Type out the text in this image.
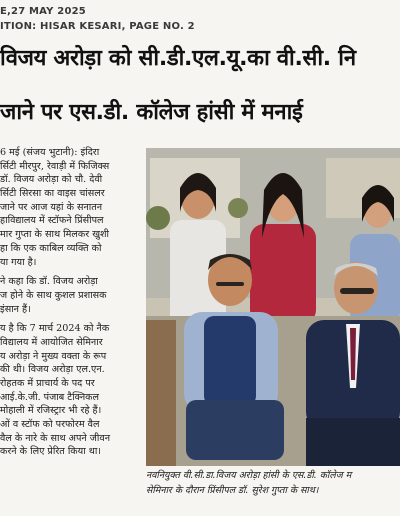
E,27 MAY 2025
ITION: HISAR KESARI, PAGE NO. 2
विजय अरोड़ा को सी.डी.एल.यू.का वी.सी. नि
जाने पर एस.डी. कॉलेज हांसी में मनाई
6 मई (संजय भुटानी): इंदिरा
र्सिटी मीरपुर, रेवाड़ी में फिजिक्स
डॉ. विजय अरोड़ा को चौ. देवी
र्सिटी सिरसा का वाइस चांसलर
जाने पर आज यहां के सनातन
हाविद्यालय में स्टॉफने प्रिंसीपल
मार गुप्ता के साथ मिलकर खुशी
हा कि एक काबिल व्यक्ति को
या गया है।
ने कहा कि डॉ. विजय अरोड़ा
ज होने के साथ कुशल प्रशासक
इंसान हैं।
य है कि 7 मार्च 2024 को नैक
विद्यालय में आयोजित सेमिनार
य अरोड़ा ने मुख्य वक्ता के रूप
की थी। विजय अरोड़ा एल.एन.
रोहतक में प्राचार्य के पद पर
आई.के.जी. पंजाब टैक्निकल
मोहाली में रजिस्ट्रार भी रहे हैं।
ओं व स्टॉफ को परफोरम वैल
वैल के नारे के साथ अपने जीवन
करने के लिए प्रेरित किया था।
नवनियुक्त वी.सी.डा.विजय अरोड़ा हांसी के एस.डी. कॉलेज म
सेमिनार के दौरान प्रिंसीपल डॉ. सुरेश गुप्ता के साथ।
